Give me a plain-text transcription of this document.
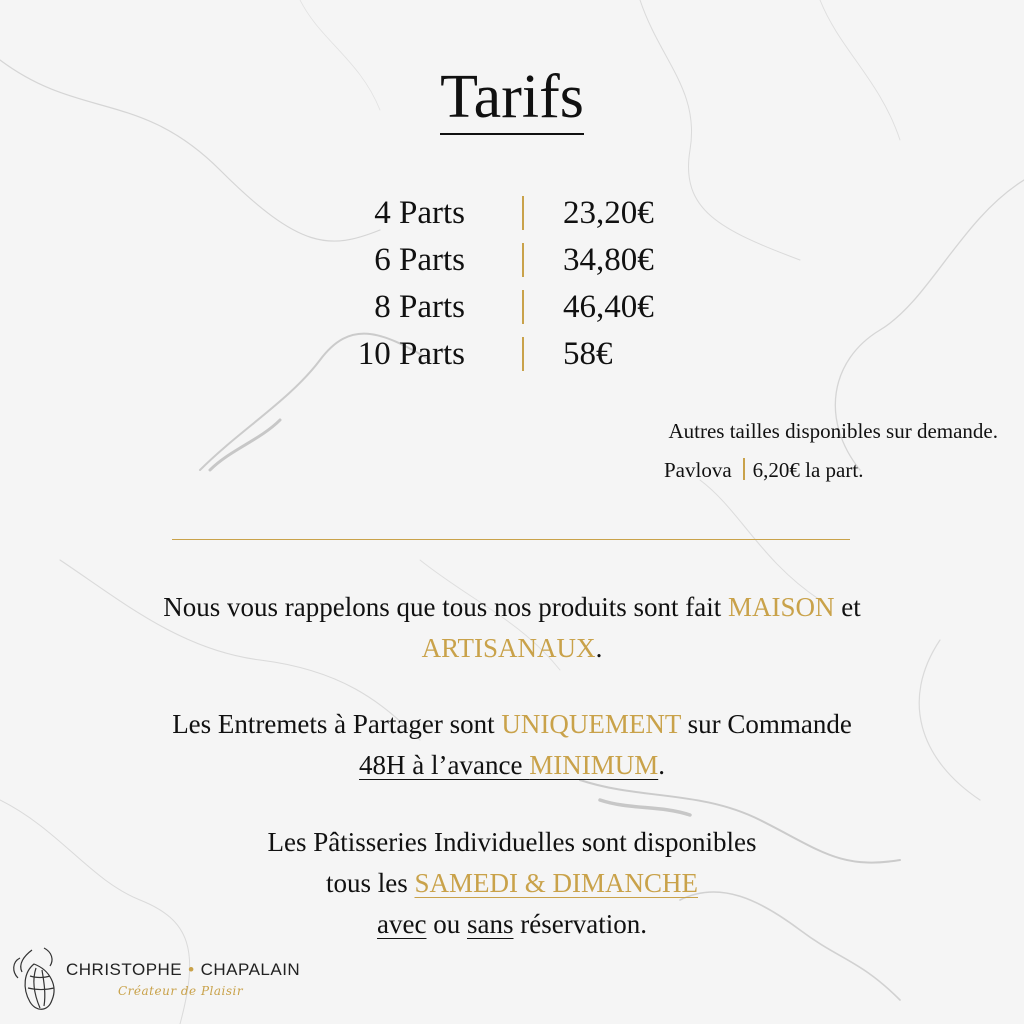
Tarifs
4 Parts	23,20€
6 Parts	34,80€
8 Parts	46,40€
10 Parts	58€
Autres tailles disponibles sur demande.
Pavlova 6,20€ la part.
Nous vous rappelons que tous nos produits sont fait MAISON et
ARTISANAUX.
Les Entremets à Partager sont UNIQUEMENT sur Commande
48H à l’avance MINIMUM.
Les Pâtisseries Individuelles sont disponibles
tous les SAMEDI & DIMANCHE
avec ou sans réservation.
CHRISTOPHE • CHAPALAIN
Créateur de Plaisir
